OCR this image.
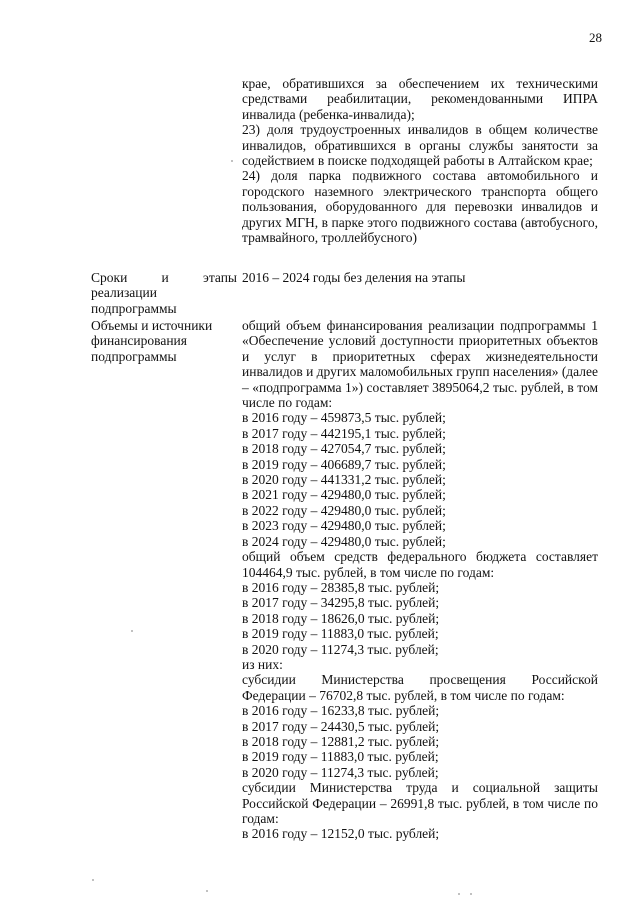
28

крае, обратившихся за обеспечением их техническими средствами реабилитации, рекомендованными ИПРА инвалида (ребенка-инвалида);

23) доля трудоустроенных инвалидов в общем количестве инвалидов, обратившихся в органы службы занятости за содействием в поиске подходящей работы в Алтайском крае;

24) доля парка подвижного состава автомобильного и городского наземного электрического транспорта общего пользования, оборудованного для перевозки инвалидов и других МГН, в парке этого подвижного состава (автобусного, трамвайного, троллейбусного)

Сроки и этапы реализации подпрограммы

2016 – 2024 годы без деления на этапы

Объемы и источники финансирования подпрограммы

общий объем финансирования реализации подпрограммы 1 «Обеспечение условий доступности приоритетных объектов и услуг в приоритетных сферах жизнедеятельности инвалидов и других маломобильных групп населения» (далее – «подпрограмма 1») составляет 3895064,2 тыс. рублей, в том числе по годам:

в 2016 году – 459873,5 тыс. рублей;
в 2017 году – 442195,1 тыс. рублей;
в 2018 году – 427054,7 тыс. рублей;
в 2019 году – 406689,7 тыс. рублей;
в 2020 году – 441331,2 тыс. рублей;
в 2021 году – 429480,0 тыс. рублей;
в 2022 году – 429480,0 тыс. рублей;
в 2023 году – 429480,0 тыс. рублей;
в 2024 году – 429480,0 тыс. рублей;

общий объем средств федерального бюджета составляет 104464,9 тыс. рублей, в том числе по годам:

в 2016 году – 28385,8 тыс. рублей;
в 2017 году – 34295,8 тыс. рублей;
в 2018 году – 18626,0 тыс. рублей;
в 2019 году – 11883,0 тыс. рублей;
в 2020 году – 11274,3 тыс. рублей;
из них:

субсидии Министерства просвещения Российской Федерации – 76702,8 тыс. рублей, в том числе по годам:

в 2016 году – 16233,8 тыс. рублей;
в 2017 году – 24430,5 тыс. рублей;
в 2018 году – 12881,2 тыс. рублей;
в 2019 году – 11883,0 тыс. рублей;
в 2020 году – 11274,3 тыс. рублей;

субсидии Министерства труда и социальной защиты Российской Федерации – 26991,8 тыс. рублей, в том числе по годам:

в 2016 году – 12152,0 тыс. рублей;
